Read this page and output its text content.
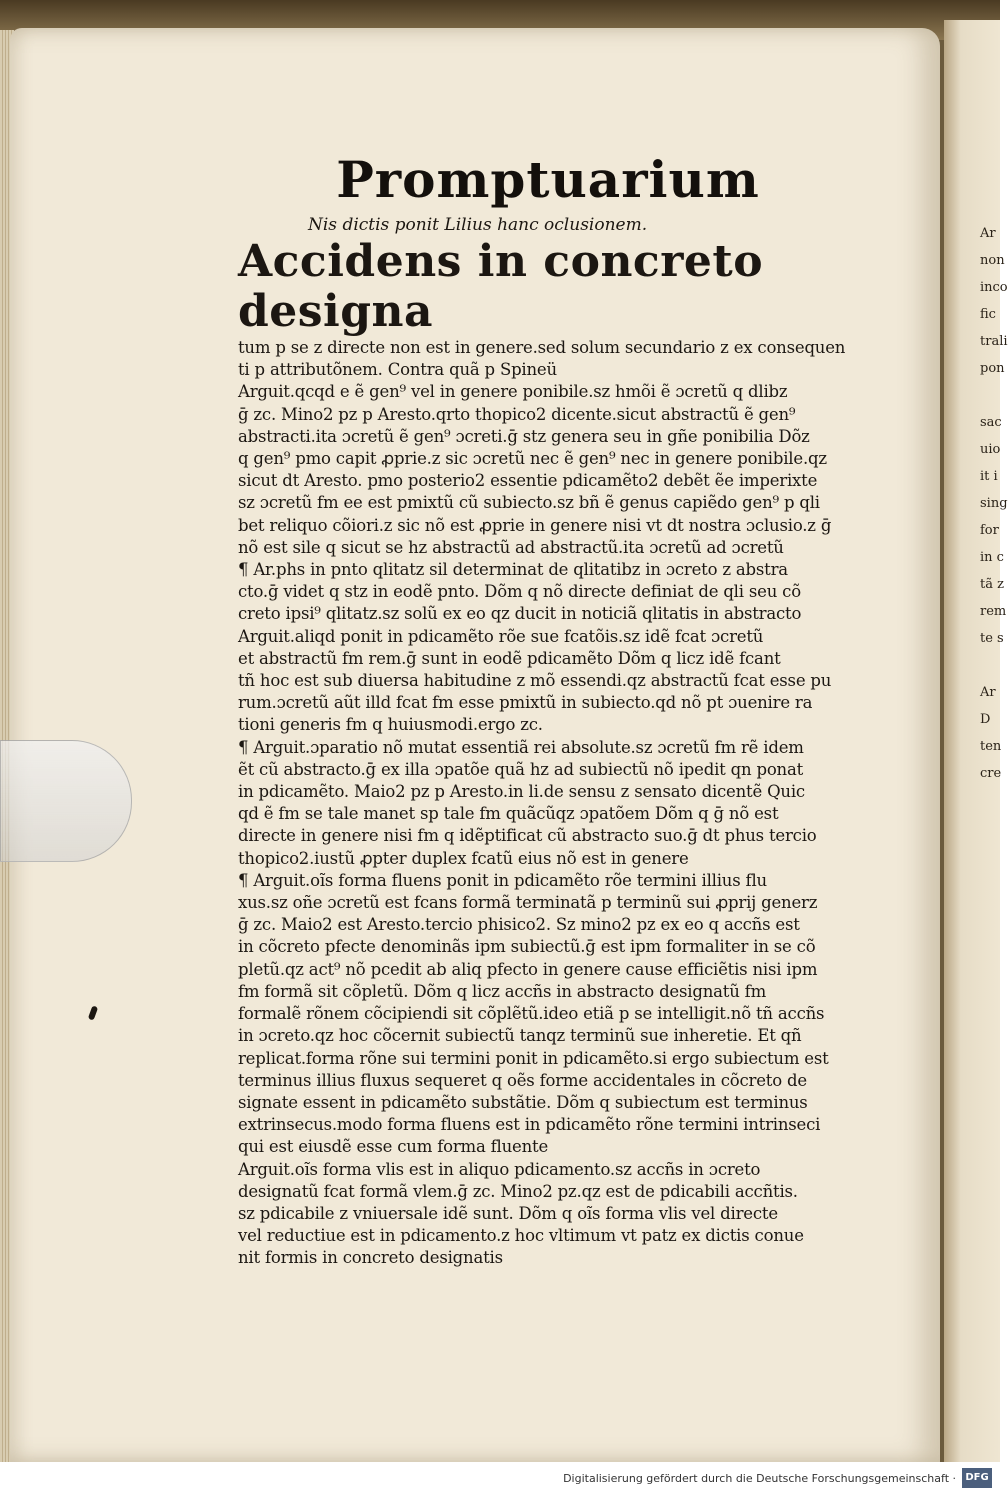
Ar
non
inco
fic
trali
pon

sac
uio
it i
sing
for
in c
tã z
rem
te s

Ar
D
ten
cre
Promptuarium
Nis dictis ponit Lilius hanc oclusionem.
Accidens in concreto designa
tum p se z directe non est in genere.sed solum secundario z ex consequen
ti p attributõnem. Contra quã p Spineü
Arguit.qcqd e ẽ gen⁹ vel in genere ponibile.sz hmõi ẽ ɔcretũ q dlibz
ḡ zc. Mino2 pz p Aresto.qrto thopico2 dicente.sicut abstractũ ẽ gen⁹
abstracti.ita ɔcretũ ẽ gen⁹ ɔcreti.ḡ stz genera seu in gñe ponibilia Dõz
q gen⁹ pmo capit ꝓprie.z sic ɔcretũ nec ẽ gen⁹ nec in genere ponibile.qz
sicut dt Aresto. pmo posterio2 essentie pdicamẽto2 debẽt ẽe imperixte
sz ɔcretũ fm ee est pmixtũ cũ subiecto.sz bñ ẽ genus capiẽdo gen⁹ p qli
bet reliquo cõiori.z sic nõ est ꝓprie in genere nisi vt dt nostra ɔclusio.z ḡ
nõ est sile q sicut se hz abstractũ ad abstractũ.ita ɔcretũ ad ɔcretũ
¶ Ar.phs in pnto qlitatz sil determinat de qlitatibz in ɔcreto z abstra
cto.ḡ videt q stz in eodẽ pnto. Dõm q nõ directe definiat de qli seu cõ
creto ipsi⁹ qlitatz.sz solũ ex eo qz ducit in noticiã qlitatis in abstracto
Arguit.aliqd ponit in pdicamẽto rõe sue fcatõis.sz idẽ fcat ɔcretũ
et abstractũ fm rem.ḡ sunt in eodẽ pdicamẽto Dõm q licz idẽ fcant
tñ hoc est sub diuersa habitudine z mõ essendi.qz abstractũ fcat esse pu
rum.ɔcretũ aũt illd fcat fm esse pmixtũ in subiecto.qd nõ pt ɔuenire ra
tioni generis fm q huiusmodi.ergo zc.
¶ Arguit.ɔparatio nõ mutat essentiã rei absolute.sz ɔcretũ fm rẽ idem
ẽt cũ abstracto.ḡ ex illa ɔpatõe quã hz ad subiectũ nõ ipedit qn ponat
in pdicamẽto. Maio2 pz p Aresto.in li.de sensu z sensato dicentẽ Quic
qd ẽ fm se tale manet sp tale fm quãcũqz ɔpatõem Dõm q ḡ nõ est
directe in genere nisi fm q idẽptificat cũ abstracto suo.ḡ dt phus tercio
thopico2.iustũ ꝓpter duplex fcatũ eius nõ est in genere
¶ Arguit.oĩs forma fluens ponit in pdicamẽto rõe termini illius flu
xus.sz oñe ɔcretũ est fcans formã terminatã p terminũ sui ꝓprij generz
ḡ zc. Maio2 est Aresto.tercio phisico2. Sz mino2 pz ex eo q accñs est
in cõcreto pfecte denominãs ipm subiectũ.ḡ est ipm formaliter in se cõ
pletũ.qz act⁹ nõ pcedit ab aliq pfecto in genere cause efficiẽtis nisi ipm
fm formã sit cõpletũ. Dõm q licz accñs in abstracto designatũ fm
formalẽ rõnem cõcipiendi sit cõplẽtũ.ideo etiã p se intelligit.nõ tñ accñs
in ɔcreto.qz hoc cõcernit subiectũ tanqz terminũ sue inheretie. Et qñ
replicat.forma rõne sui termini ponit in pdicamẽto.si ergo subiectum est
terminus illius fluxus sequeret q oẽs forme accidentales in cõcreto de
signate essent in pdicamẽto substãtie. Dõm q subiectum est terminus
extrinsecus.modo forma fluens est in pdicamẽto rõne termini intrinseci
qui est eiusdẽ esse cum forma fluente
Arguit.oĩs forma vlis est in aliquo pdicamento.sz accñs in ɔcreto
designatũ fcat formã vlem.ḡ zc. Mino2 pz.qz est de pdicabili accñtis.
sz pdicabile z vniuersale idẽ sunt. Dõm q oĩs forma vlis vel directe
vel reductiue est in pdicamento.z hoc vltimum vt patz ex dictis conue
nit formis in concreto designatis
Digitalisierung gefördert durch die Deutsche Forschungsgemeinschaft · DFG
